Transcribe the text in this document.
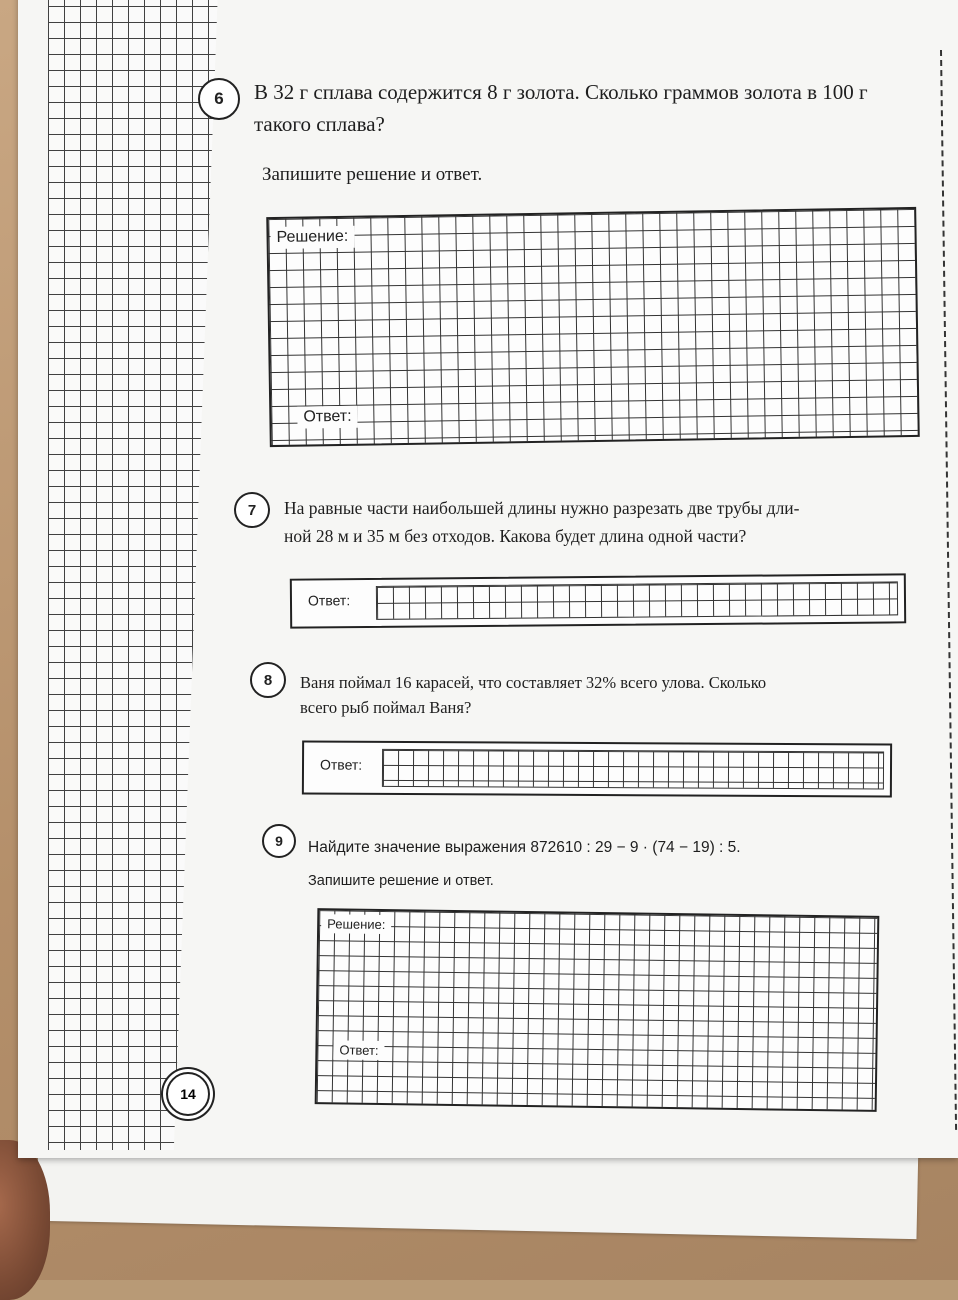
6	В 32 г сплава содержится 8 г золота. Сколько граммов золота в 100 г
такого сплава?
Запишите решение и ответ.
Решение:
Ответ:
7	На равные части наибольшей длины нужно разрезать две трубы дли-
ной 28 м и 35 м без отходов. Какова будет длина одной части?
Ответ:
8	Ваня поймал 16 карасей, что составляет 32% всего улова. Сколько
всего рыб поймал Ваня?
Ответ:
9	Найдите значение выражения 872610 : 29 − 9 · (74 − 19) : 5.
Запишите решение и ответ.
Решение:
Ответ:
14
